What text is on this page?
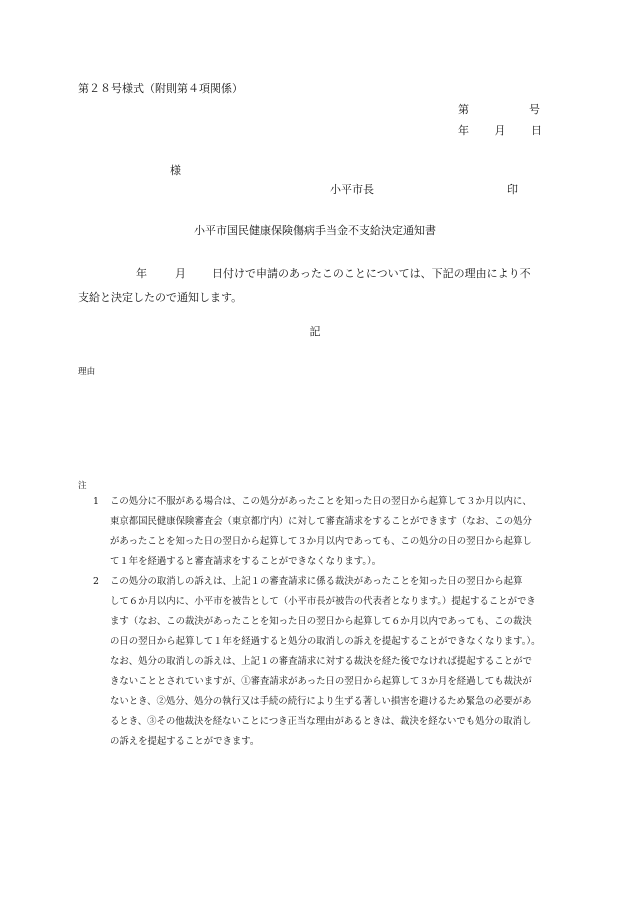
第２８号様式（附則第４項関係）
第	号
年 月 日
様
小平市長	印
小平市国民健康保険傷病手当金不支給決定通知書
年	月 日付けで申請のあったこのことについては、下記の理由により不
支給と決定したので通知します。
記
理由
注
1	この処分に不服がある場合は、この処分があったことを知った日の翌日から起算して３か月以内に、
東京都国民健康保険審査会（東京都庁内）に対して審査請求をすることができます（なお、この処分
があったことを知った日の翌日から起算して３か月以内であっても、この処分の日の翌日から起算し
て１年を経過すると審査請求をすることができなくなります。）。
2	この処分の取消しの訴えは、上記１の審査請求に係る裁決があったことを知った日の翌日から起算
して６か月以内に、小平市を被告として（小平市長が被告の代表者となります。）提起することができ
ます（なお、この裁決があったことを知った日の翌日から起算して６か月以内であっても、この裁決
の日の翌日から起算して１年を経過すると処分の取消しの訴えを提起することができなくなります。）。
なお、処分の取消しの訴えは、上記１の審査請求に対する裁決を経た後でなければ提起することがで
きないこととされていますが、①審査請求があった日の翌日から起算して３か月を経過しても裁決が
ないとき、②処分、処分の執行又は手続の続行により生ずる著しい損害を避けるため緊急の必要があ
るとき、③その他裁決を経ないことにつき正当な理由があるときは、裁決を経ないでも処分の取消し
の訴えを提起することができます。
